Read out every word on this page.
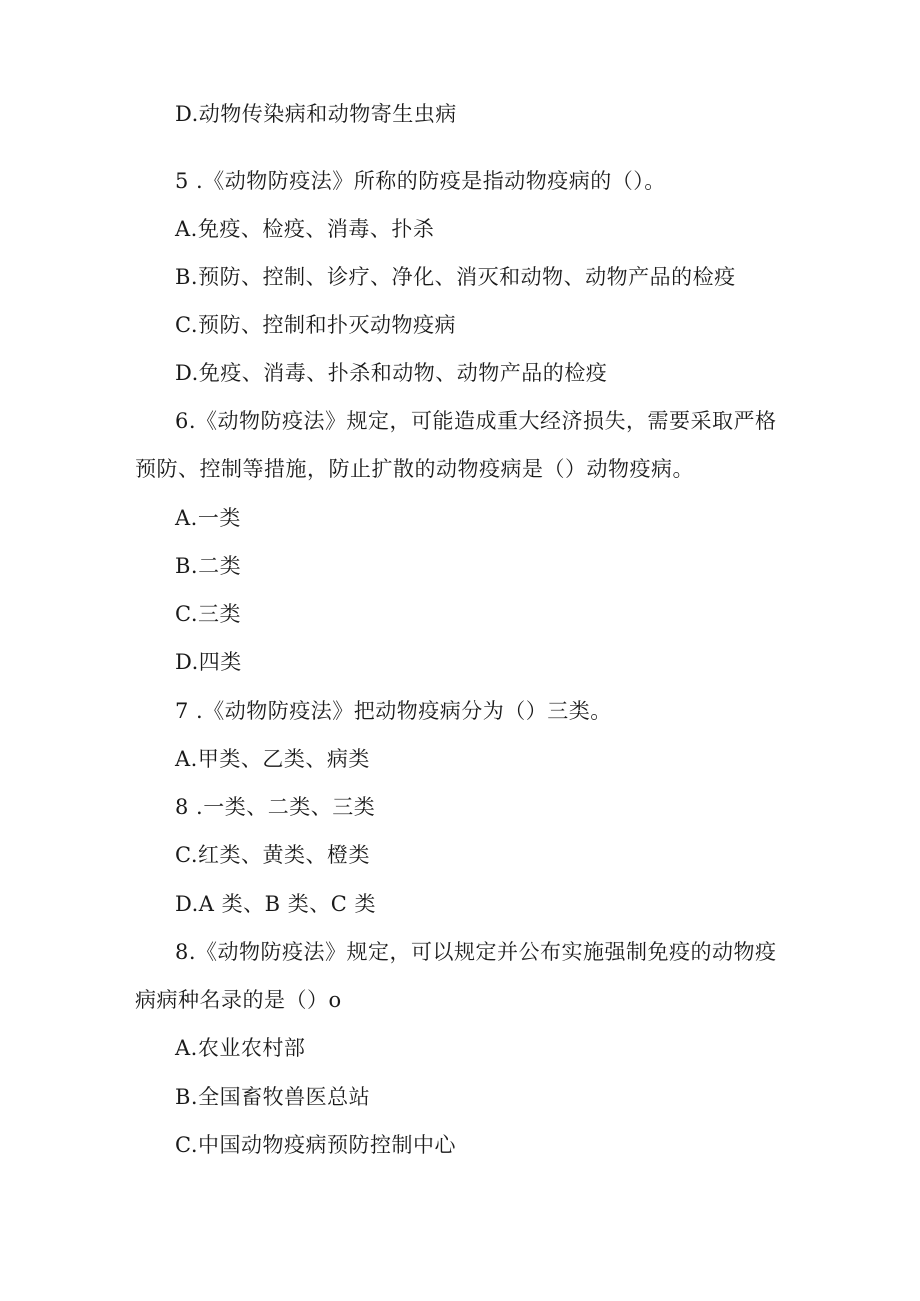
D.动物传染病和动物寄生虫病
5 .《动物防疫法》所称的防疫是指动物疫病的（）。
A.免疫、检疫、消毒、扑杀
B.预防、控制、诊疗、净化、消灭和动物、动物产品的检疫
C.预防、控制和扑灭动物疫病
D.免疫、消毒、扑杀和动物、动物产品的检疫
6.《动物防疫法》规定，可能造成重大经济损失，需要采取严格
预防、控制等措施，防止扩散的动物疫病是（）动物疫病。
A.一类
B.二类
C.三类
D.四类
7 .《动物防疫法》把动物疫病分为（）三类。
A.甲类、乙类、病类
8 .一类、二类、三类
C.红类、黄类、橙类
D.A 类、B 类、C 类
8.《动物防疫法》规定，可以规定并公布实施强制免疫的动物疫
病病种名录的是（）o
A.农业农村部
B.全国畜牧兽医总站
C.中国动物疫病预防控制中心
